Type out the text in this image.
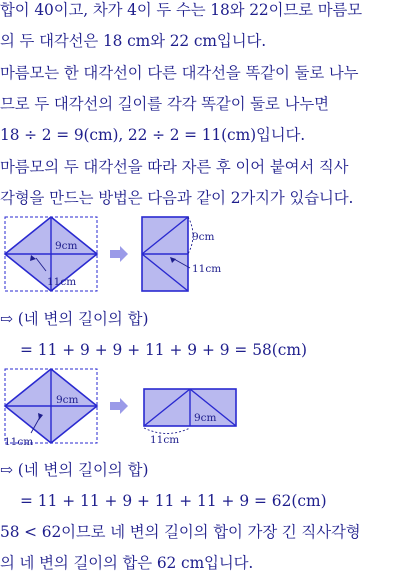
합이 40이고, 차가 4이 두 수는 18와 22이므로 마름모
의 두 대각선은 18 cm와 22 cm입니다.
마름모는 한 대각선이 다른 대각선을 똑같이 둘로 나누
므로 두 대각선의 길이를 각각 똑같이 둘로 나누면
18 ÷ 2 = 9(cm), 22 ÷ 2 = 11(cm)입니다.
마름모의 두 대각선을 따라 자른 후 이어 붙여서 직사
각형을 만드는 방법은 다음과 같이 2가지가 있습니다.
9cm
11cm
9cm
11cm
⇨ (네 변의 길이의 합)
= 11 + 9 + 9 + 11 + 9 + 9 = 58(cm)
9cm
11cm
9cm
11cm
⇨ (네 변의 길이의 합)
= 11 + 11 + 9 + 11 + 11 + 9 = 62(cm)
58 < 62이므로 네 변의 길이의 합이 가장 긴 직사각형
의 네 변의 길이의 합은 62 cm입니다.
